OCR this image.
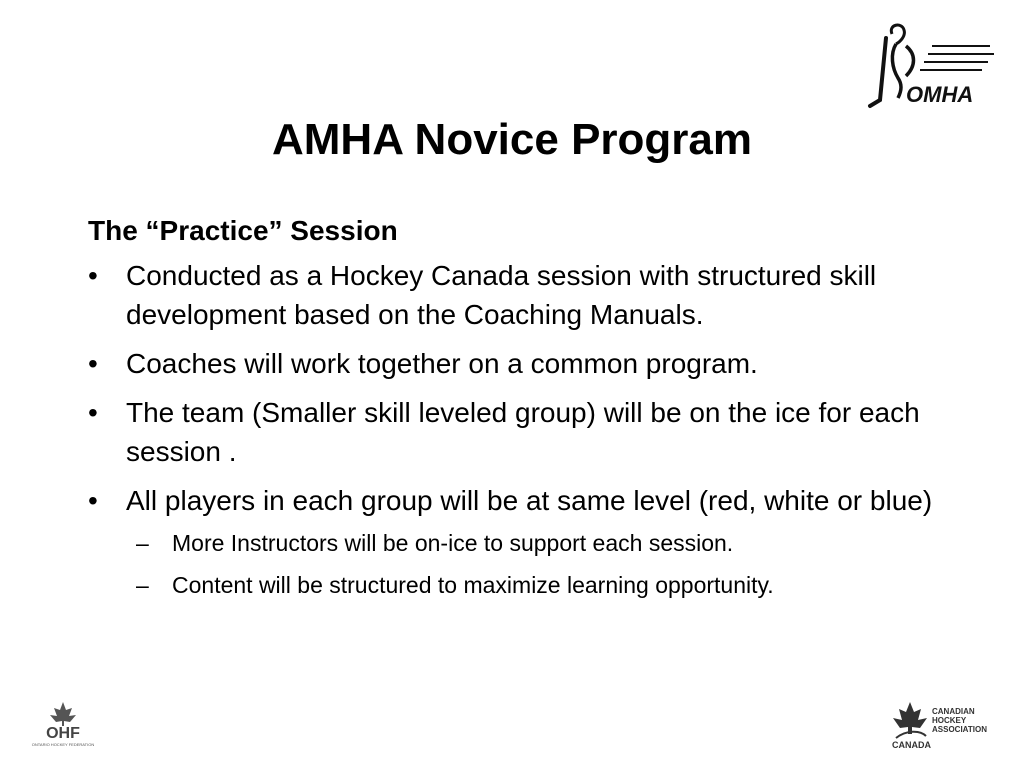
OMHA
AMHA Novice Program

The “Practice” Session

•	Conducted as a Hockey Canada session with structured skill development based on the Coaching Manuals.
•	Coaches will work together on a common program.
•	The team (Smaller skill leveled group) will be on the ice for each session .
•	All players in each group will be at same level (red, white or blue)
– More Instructors will be on-ice to support each session.
– Content will be structured to maximize learning opportunity.
OHF
ONTARIO HOCKEY FEDERATION
CANADIAN
HOCKEY
ASSOCIATION
CANADA
